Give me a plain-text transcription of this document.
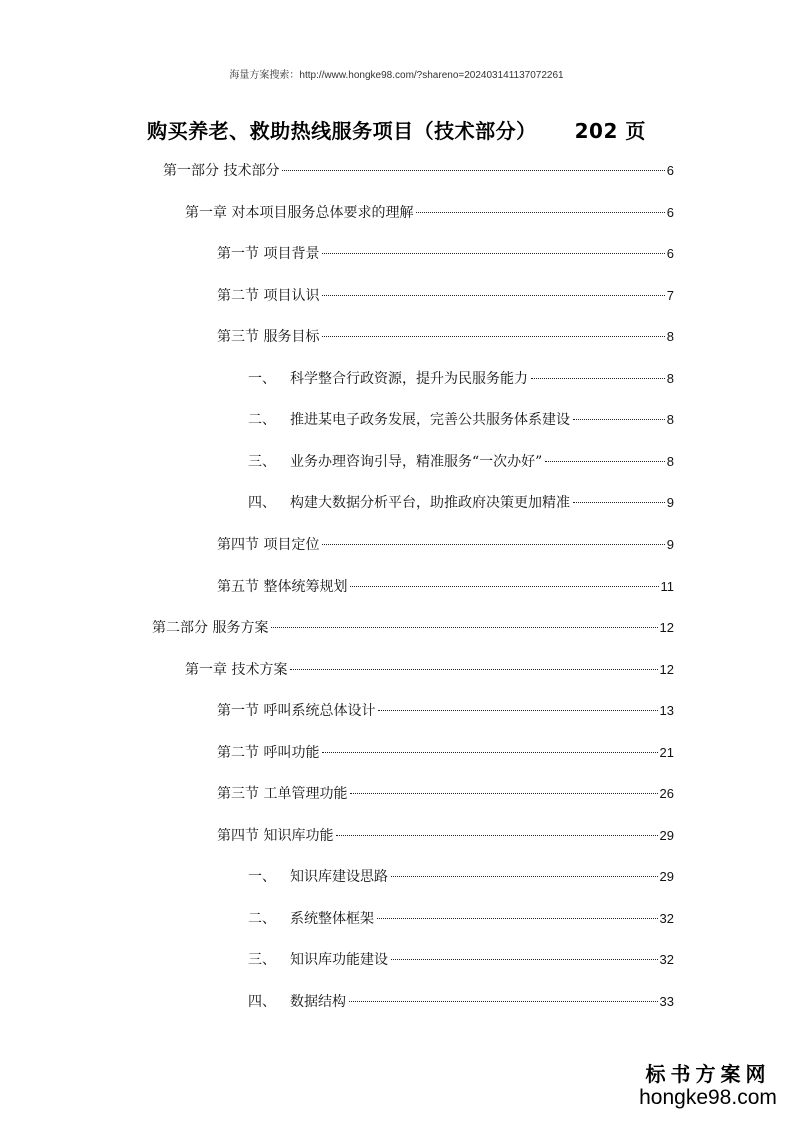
海量方案搜索：http://www.hongke98.com/?shareno=202403141137072261
购买养老、救助热线服务项目（技术部分） 202 页
第一部分 技术部分	6
第一章 对本项目服务总体要求的理解	6
第一节 项目背景	6
第二节 项目认识	7
第三节 服务目标	8
一、 科学整合行政资源，提升为民服务能力	8
二、 推进某电子政务发展，完善公共服务体系建设	8
三、 业务办理咨询引导，精准服务“一次办好”	8
四、 构建大数据分析平台，助推政府决策更加精准	9
第四节 项目定位	9
第五节 整体统筹规划	11
第二部分 服务方案	12
第一章 技术方案	12
第一节 呼叫系统总体设计	13
第二节 呼叫功能	21
第三节 工单管理功能	26
第四节 知识库功能	29
一、 知识库建设思路	29
二、 系统整体框架	32
三、 知识库功能建设	32
四、 数据结构	33
标书方案网
hongke98.com
